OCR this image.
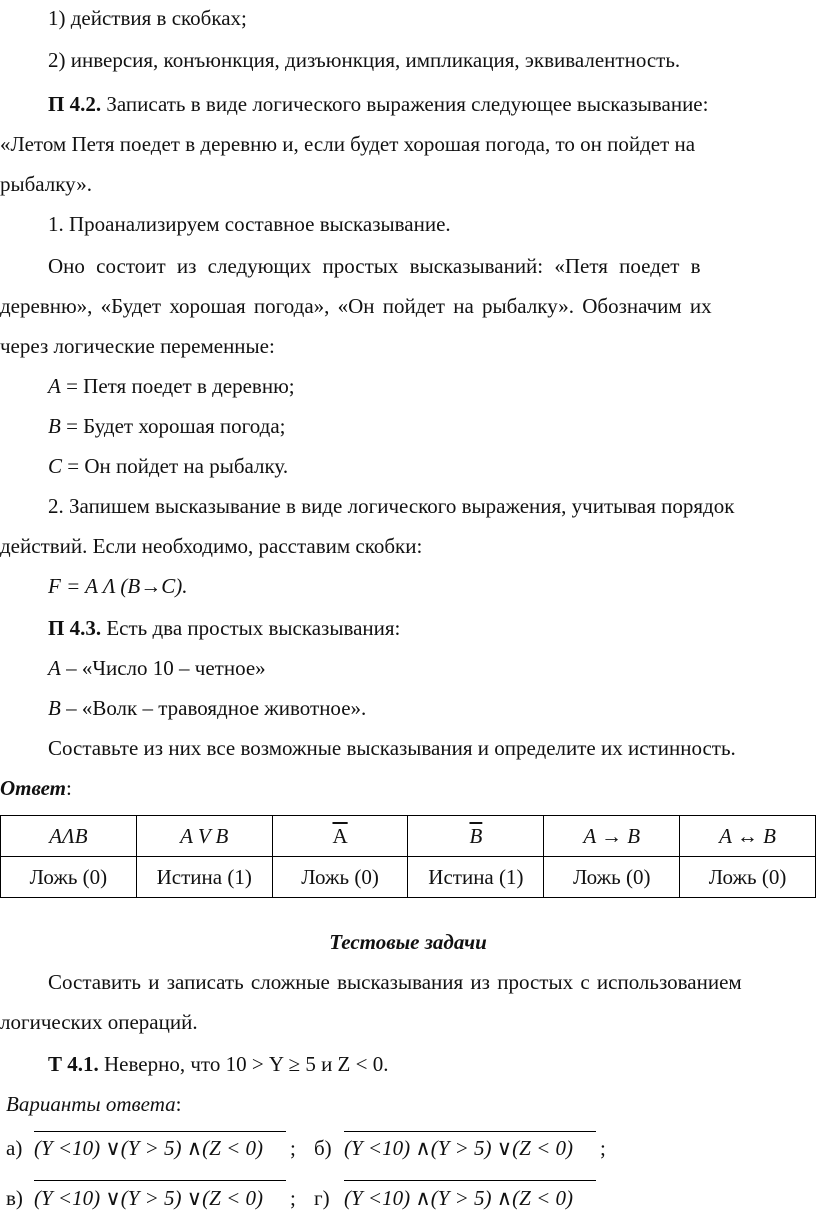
1) действия в скобках;
2) инверсия, конъюнкция, дизъюнкция, импликация, эквивалентность.
П 4.2. Записать в виде логического выражения следующее высказывание:
«Летом Петя поедет в деревню и, если будет хорошая погода, то он пойдет на
рыбалку».
1. Проанализируем составное высказывание.
Оно состоит из следующих простых высказываний: «Петя поедет в
деревню», «Будет хорошая погода», «Он пойдет на рыбалку». Обозначим их
через логические переменные:
A = Петя поедет в деревню;
B = Будет хорошая погода;
C = Он пойдет на рыбалку.
2. Запишем высказывание в виде логического выражения, учитывая порядок
действий. Если необходимо, расставим скобки:
F = A Λ (B→C).
П 4.3. Есть два простых высказывания:
A – «Число 10 – четное»
B – «Волк – травоядное животное».
Составьте из них все возможные высказывания и определите их истинность.
Ответ:
AΛB	A V B	$\overline{A}$	$\overline{B}$	A → B	A ↔ B
Ложь (0)	Истина (1)	Ложь (0)	Истина (1)	Ложь (0)	Ложь (0)
Тестовые задачи
Составить и записать сложные высказывания из простых с использованием
логических операций.
Т 4.1. Неверно, что 10 > Y ≥ 5 и Z < 0.
Варианты ответа:
а) (Y <10) ∨(Y > 5) ∧(Z < 0) ; б) (Y <10) ∧(Y > 5) ∨(Z < 0) ;
в) (Y <10) ∨(Y > 5) ∨(Z < 0) ; г) (Y <10) ∧(Y > 5) ∧(Z < 0)
